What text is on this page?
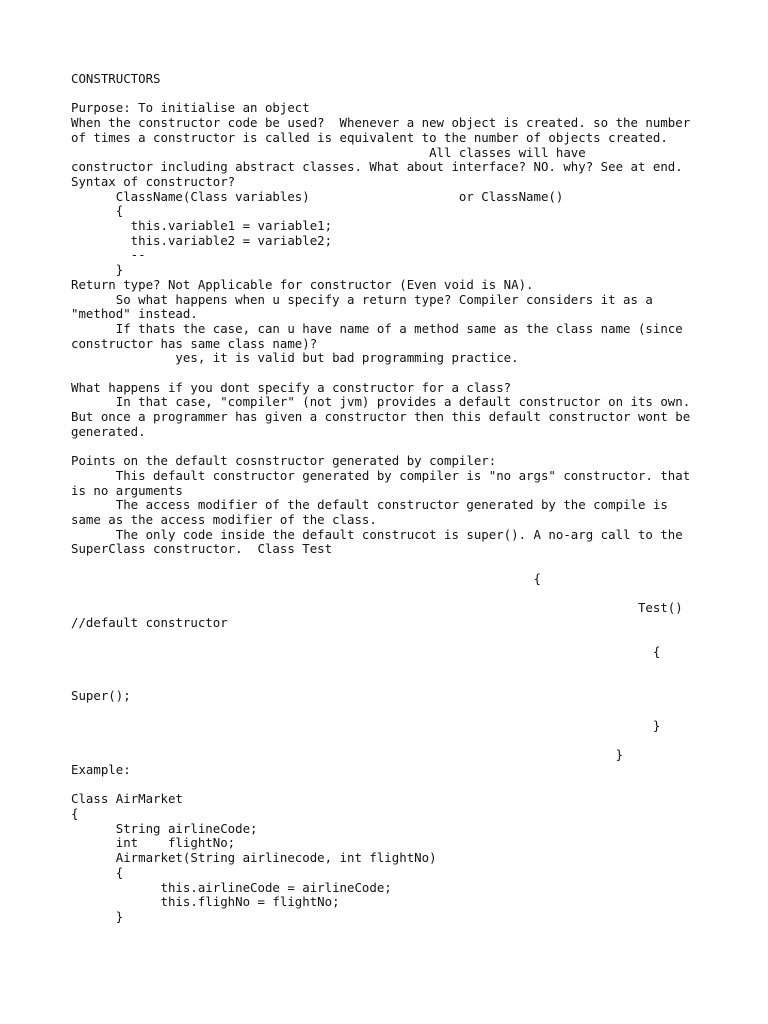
CONSTRUCTORS
Purpose: To initialise an object
When the constructor code be used?  Whenever a new object is created. so the number
of times a constructor is called is equivalent to the number of objects created.
All classes will have
constructor including abstract classes. What about interface? NO. why? See at end.
Syntax of constructor?
ClassName(Class variables)                    or ClassName()
{
this.variable1 = variable1;
this.variable2 = variable2;
--
}
Return type? Not Applicable for constructor (Even void is NA).
So what happens when u specify a return type? Compiler considers it as a
"method" instead.
If thats the case, can u have name of a method same as the class name (since
constructor has same class name)?
yes, it is valid but bad programming practice.
What happens if you dont specify a constructor for a class?
In that case, "compiler" (not jvm) provides a default constructor on its own.
But once a programmer has given a constructor then this default constructor wont be
generated.
Points on the default cosnstructor generated by compiler:
This default constructor generated by compiler is "no args" constructor. that
is no arguments
The access modifier of the default constructor generated by the compile is
same as the access modifier of the class.
The only code inside the default construcot is super(). A no-arg call to the
SuperClass constructor.  Class Test
{
Test()
//default constructor
{
Super();
}
}
Example:
Class AirMarket
{
String airlineCode;
int    flightNo;
Airmarket(String airlinecode, int flightNo)
{
this.airlineCode = airlineCode;
this.flighNo = flightNo;
}
